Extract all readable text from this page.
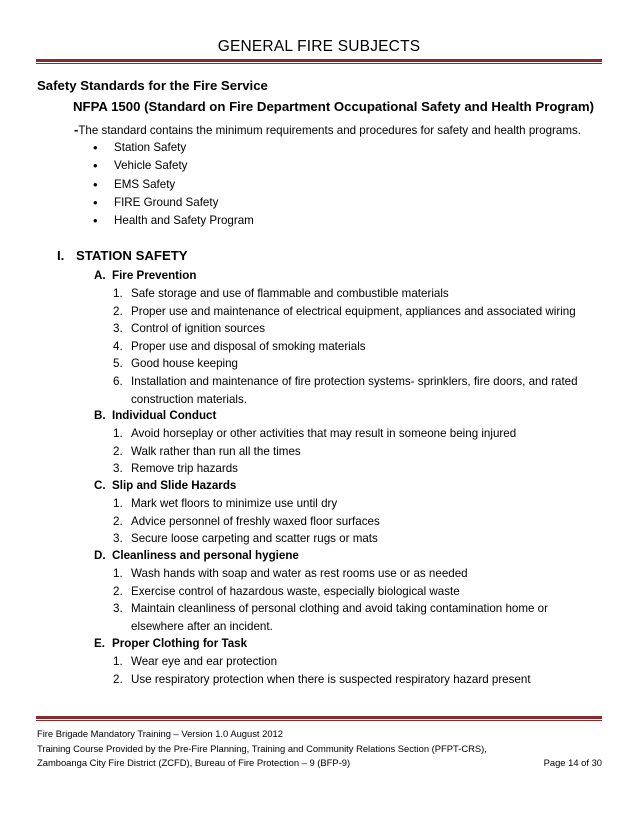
GENERAL FIRE SUBJECTS
Safety Standards for the Fire Service
NFPA 1500 (Standard on Fire Department Occupational Safety and Health Program)
-The standard contains the minimum requirements and procedures for safety and health programs.
• Station Safety
• Vehicle Safety
• EMS Safety
• FIRE Ground Safety
• Health and Safety Program
I. STATION SAFETY
A. Fire Prevention
1. Safe storage and use of flammable and combustible materials
2. Proper use and maintenance of electrical equipment, appliances and associated wiring
3. Control of ignition sources
4. Proper use and disposal of smoking materials
5. Good house keeping
6. Installation and maintenance of fire protection systems- sprinklers, fire doors, and rated construction materials.
B. Individual Conduct
1. Avoid horseplay or other activities that may result in someone being injured
2. Walk rather than run all the times
3. Remove trip hazards
C. Slip and Slide Hazards
1. Mark wet floors to minimize use until dry
2. Advice personnel of freshly waxed floor surfaces
3. Secure loose carpeting and scatter rugs or mats
D. Cleanliness and personal hygiene
1. Wash hands with soap and water as rest rooms use or as needed
2. Exercise control of hazardous waste, especially biological waste
3. Maintain cleanliness of personal clothing and avoid taking contamination home or elsewhere after an incident.
E. Proper Clothing for Task
1. Wear eye and ear protection
2. Use respiratory protection when there is suspected respiratory hazard present
Fire Brigade Mandatory Training – Version 1.0 August 2012
Training Course Provided by the Pre-Fire Planning, Training and Community Relations Section (PFPT-CRS),
Zamboanga City Fire District (ZCFD), Bureau of Fire Protection – 9 (BFP-9)	Page 14 of 30
